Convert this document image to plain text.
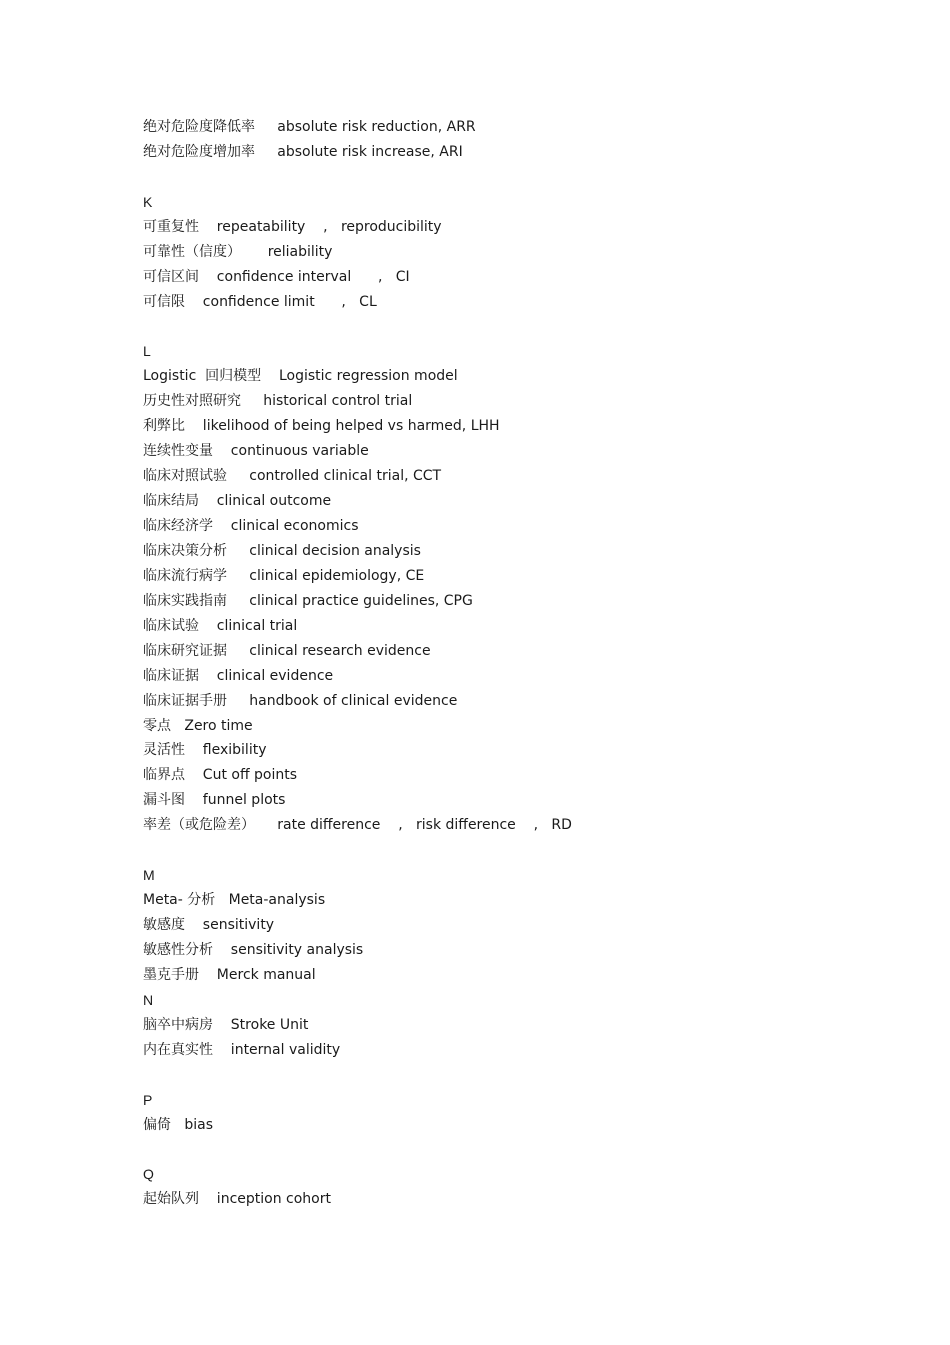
绝对危险度降低率     absolute risk reduction, ARR
绝对危险度增加率     absolute risk increase, ARI
K
可重复性    repeatability    ,   reproducibility
可靠性（信度）      reliability
可信区间    confidence interval      ,   CI
可信限    confidence limit      ,   CL
L
Logistic  回归模型    Logistic regression model
历史性对照研究     historical control trial
利弊比    likelihood of being helped vs harmed, LHH
连续性变量    continuous variable
临床对照试验     controlled clinical trial, CCT
临床结局    clinical outcome
临床经济学    clinical economics
临床决策分析     clinical decision analysis
临床流行病学     clinical epidemiology, CE
临床实践指南     clinical practice guidelines, CPG
临床试验    clinical trial
临床研究证据     clinical research evidence
临床证据    clinical evidence
临床证据手册     handbook of clinical evidence
零点   Zero time
灵活性    flexibility
临界点    Cut off points
漏斗图    funnel plots
率差（或危险差）     rate difference    ,   risk difference    ,   RD
M
Meta- 分析   Meta-analysis
敏感度    sensitivity
敏感性分析    sensitivity analysis
墨克手册    Merck manual
N
脑卒中病房    Stroke Unit
内在真实性    internal validity
P
偏倚   bias
Q
起始队列    inception cohort
